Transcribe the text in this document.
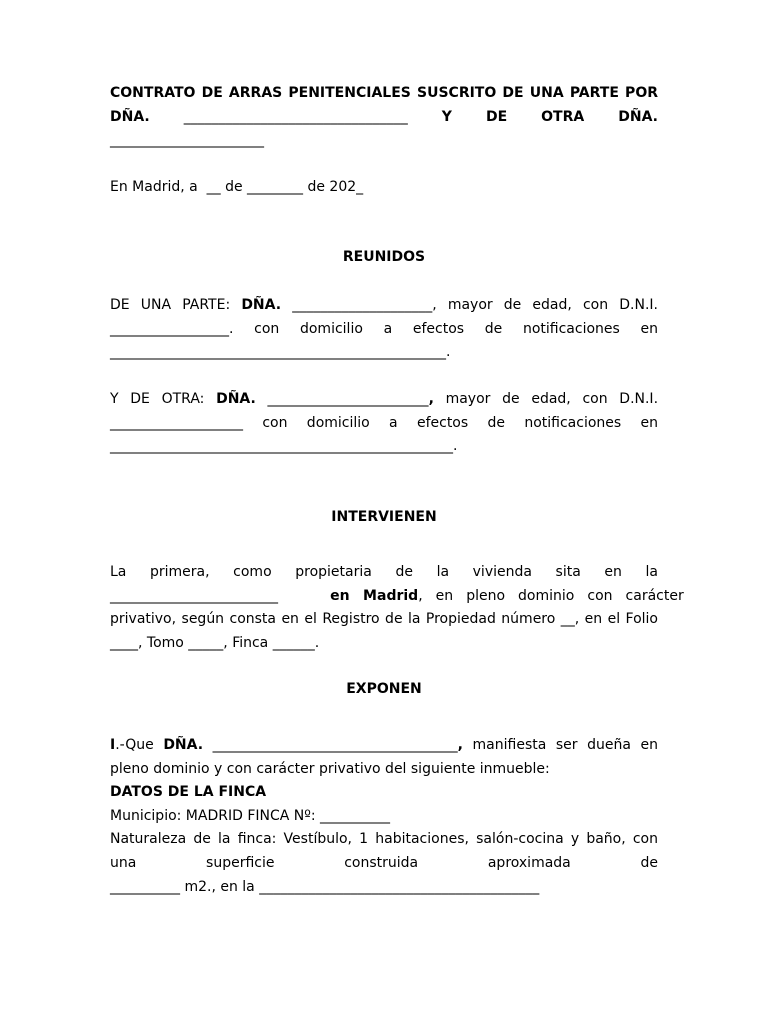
CONTRATO DE ARRAS PENITENCIALES SUSCRITO DE UNA PARTE POR
DÑA. ________________________________ Y DE OTRA DÑA.
______________________
En Madrid, a  __ de ________ de 202_
REUNIDOS
DE UNA PARTE: DÑA. ____________________, mayor de edad, con D.N.I.
_________________. con domicilio a efectos de notificaciones en
________________________________________________.
Y DE OTRA: DÑA. _______________________, mayor de edad, con D.N.I.
___________________ con domicilio a efectos de notificaciones en
_________________________________________________.
INTERVIENEN
La primera, como propietaria de la vivienda sita en la
________________________	en Madrid, en pleno dominio con carácter
privativo, según consta en el Registro de la Propiedad número __, en el Folio
____, Tomo _____, Finca ______.
EXPONEN
I.-Que DÑA. ___________________________________, manifiesta ser dueña en
pleno dominio y con carácter privativo del siguiente inmueble:
DATOS DE LA FINCA
Municipio: MADRID FINCA Nº: __________
Naturaleza de la finca: Vestíbulo, 1 habitaciones, salón-cocina y baño, con
una superficie construida aproximada de
__________ m2., en la ________________________________________
